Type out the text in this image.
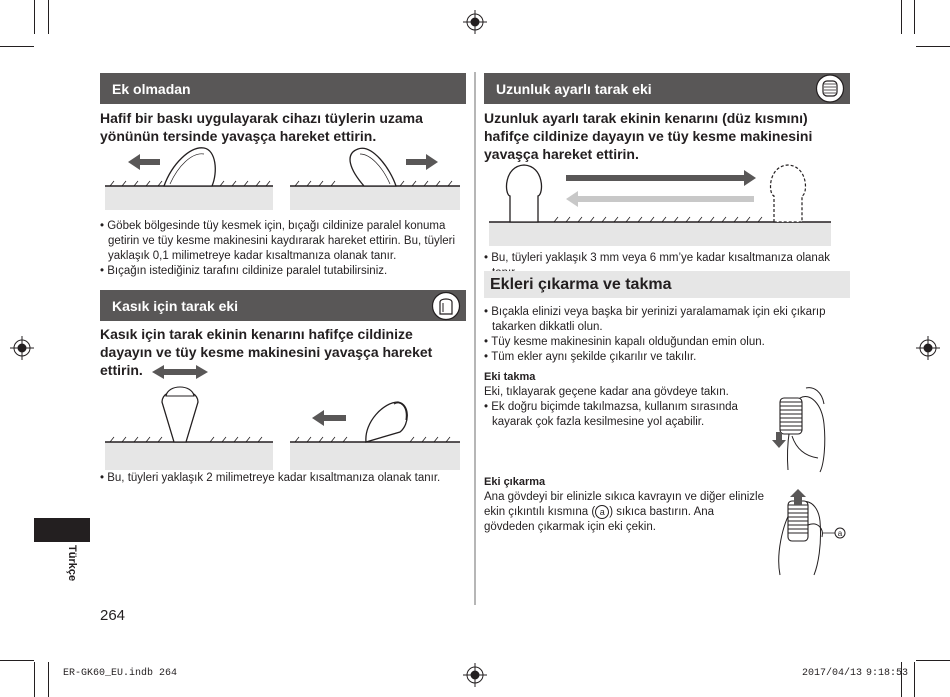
Ek olmadan
Hafif bir baskı uygulayarak cihazı tüylerin uzama yönünün tersinde yavaşça hareket ettirin.
• Göbek bölgesinde tüy kesmek için, bıçağı cildinize paralel konuma getirin ve tüy kesme makinesini kaydırarak hareket ettirin. Bu, tüyleri yaklaşık 0,1 milimetreye kadar kısaltmanıza olanak tanır.
• Bıçağın istediğiniz tarafını cildinize paralel tutabilirsiniz.
Kasık için tarak eki
Kasık için tarak ekinin kenarını hafifçe cildinize dayayın ve tüy kesme makinesini yavaşça hareket ettirin.
• Bu, tüyleri yaklaşık 2 milimetreye kadar kısaltmanıza olanak tanır.
Türkçe
264
Uzunluk ayarlı tarak eki
Uzunluk ayarlı tarak ekinin kenarını (düz kısmını) hafifçe cildinize dayayın ve tüy kesme makinesini yavaşça hareket ettirin.
• Bu, tüyleri yaklaşık 3 mm veya 6 mm’ye kadar kısaltmanıza olanak
Ekleri çıkarma ve takma
• Bıçakla elinizi veya başka bir yerinizi yaralamamak için eki çıkarıp takarken dikkatli olun.
• Tüy kesme makinesinin kapalı olduğundan emin olun.
• Tüm ekler aynı şekilde çıkarılır ve takılır.
Eki takma
Eki, tıklayarak geçene kadar ana gövdeye takın.
• Ek doğru biçimde takılmazsa, kullanım sırasında kayarak çok fazla kesilmesine yol açabilir.
Eki çıkarma
Ana gövdeyi bir elinizle sıkıca kavrayın ve diğer elinizle ekin çıkıntılı kısmına ( a ) sıkıca bastırın. Ana gövdeden çıkarmak için eki çekin.
a
ER-GK60_EU.indb 264	2017/04/13 9:18:53
